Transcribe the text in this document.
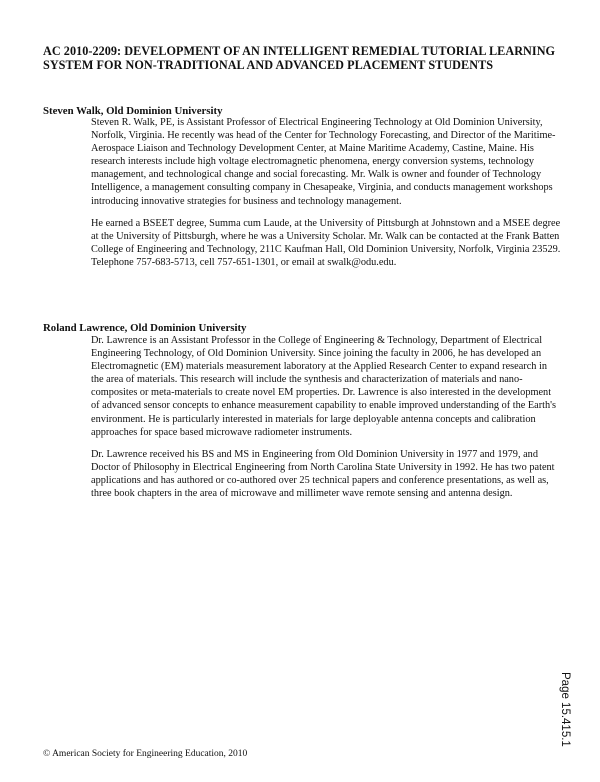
AC 2010-2209: DEVELOPMENT OF AN INTELLIGENT REMEDIAL TUTORIAL LEARNING SYSTEM FOR NON-TRADITIONAL AND ADVANCED PLACEMENT STUDENTS
Steven Walk, Old Dominion University

Steven R. Walk, PE, is Assistant Professor of Electrical Engineering Technology at Old Dominion University, Norfolk, Virginia. He recently was head of the Center for Technology Forecasting, and Director of the Maritime-Aerospace Liaison and Technology Development Center, at Maine Maritime Academy, Castine, Maine. His research interests include high voltage electromagnetic phenomena, energy conversion systems, technology management, and technological change and social forecasting. Mr. Walk is owner and founder of Technology Intelligence, a management consulting company in Chesapeake, Virginia, and conducts management workshops introducing innovative strategies for business and technology management.

He earned a BSEET degree, Summa cum Laude, at the University of Pittsburgh at Johnstown and a MSEE degree at the University of Pittsburgh, where he was a University Scholar. Mr. Walk can be contacted at the Frank Batten College of Engineering and Technology, 211C Kaufman Hall, Old Dominion University, Norfolk, Virginia 23529. Telephone 757-683-5713, cell 757-651-1301, or email at swalk@odu.edu.

Roland Lawrence, Old Dominion University

Dr. Lawrence is an Assistant Professor in the College of Engineering & Technology, Department of Electrical Engineering Technology, of Old Dominion University. Since joining the faculty in 2006, he has developed an Electromagnetic (EM) materials measurement laboratory at the Applied Research Center to expand research in the area of materials. This research will include the synthesis and characterization of materials and nano-composites or meta-materials to create novel EM properties. Dr. Lawrence is also interested in the development of advanced sensor concepts to enhance measurement capability to enable improved understanding of the Earth's environment. He is particularly interested in materials for large deployable antenna concepts and calibration approaches for space based microwave radiometer instruments.

Dr. Lawrence received his BS and MS in Engineering from Old Dominion University in 1977 and 1979, and Doctor of Philosophy in Electrical Engineering from North Carolina State University in 1992. He has two patent applications and has authored or co-authored over 25 technical papers and conference presentations, as well as, three book chapters in the area of microwave and millimeter wave remote sensing and antenna design.

© American Society for Engineering Education, 2010
Page 15.415.1
